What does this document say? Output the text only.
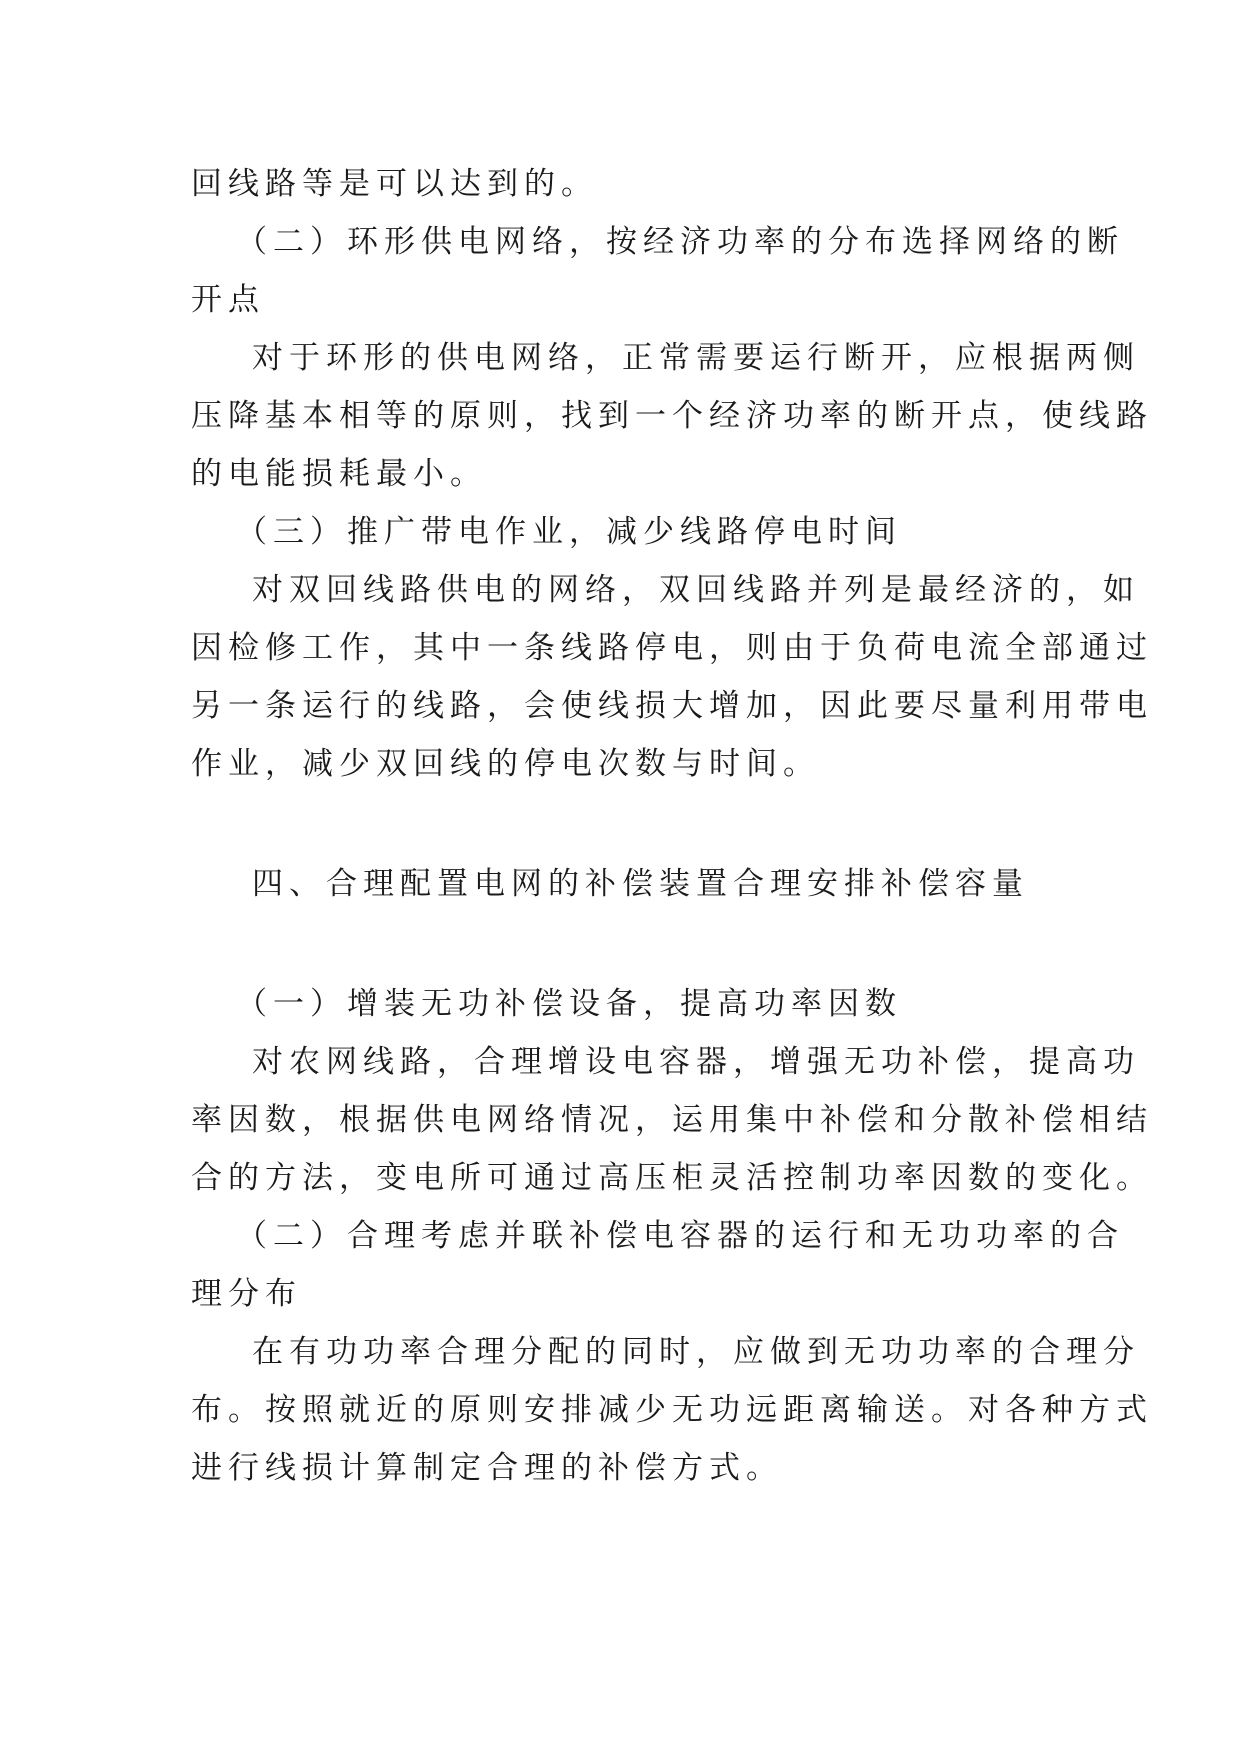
回线路等是可以达到的。
（二）环形供电网络，按经济功率的分布选择网络的断
开点
对于环形的供电网络，正常需要运行断开，应根据两侧
压降基本相等的原则，找到一个经济功率的断开点，使线路
的电能损耗最小。
（三）推广带电作业，减少线路停电时间
对双回线路供电的网络，双回线路并列是最经济的，如
因检修工作，其中一条线路停电，则由于负荷电流全部通过
另一条运行的线路，会使线损大增加，因此要尽量利用带电
作业，减少双回线的停电次数与时间。
四、合理配置电网的补偿装置合理安排补偿容量
（一）增装无功补偿设备，提高功率因数
对农网线路，合理增设电容器，增强无功补偿，提高功
率因数，根据供电网络情况，运用集中补偿和分散补偿相结
合的方法，变电所可通过高压柜灵活控制功率因数的变化。
（二）合理考虑并联补偿电容器的运行和无功功率的合
理分布
在有功功率合理分配的同时，应做到无功功率的合理分
布。按照就近的原则安排减少无功远距离输送。对各种方式
进行线损计算制定合理的补偿方式。
